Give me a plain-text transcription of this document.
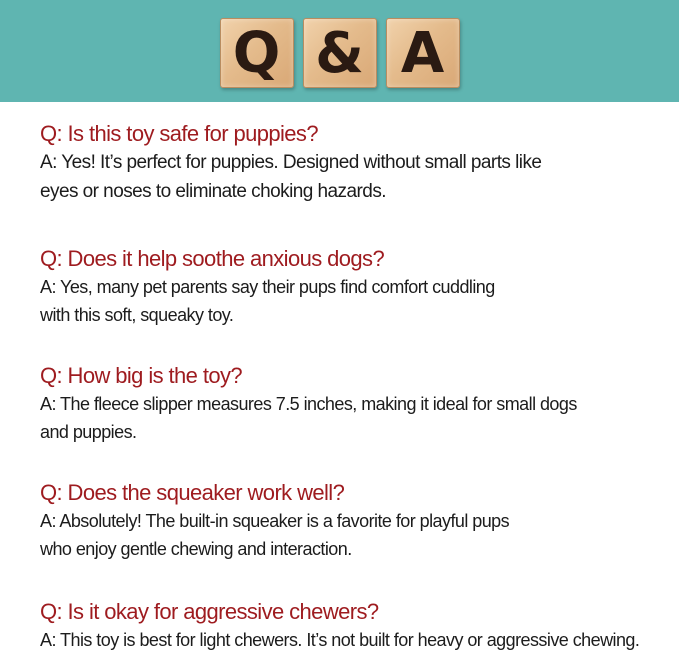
Q & A

Q: Is this toy safe for puppies?

A: Yes! It’s perfect for puppies. Designed without small parts like

eyes or noses to eliminate choking hazards.

Q: Does it help soothe anxious dogs?

A: Yes, many pet parents say their pups find comfort cuddling

with this soft, squeaky toy.

Q: How big is the toy?

A: The fleece slipper measures 7.5 inches, making it ideal for small dogs

and puppies.

Q: Does the squeaker work well?

A: Absolutely! The built-in squeaker is a favorite for playful pups

who enjoy gentle chewing and interaction.

Q: Is it okay for aggressive chewers?

A: This toy is best for light chewers. It’s not built for heavy or aggressive chewing.
